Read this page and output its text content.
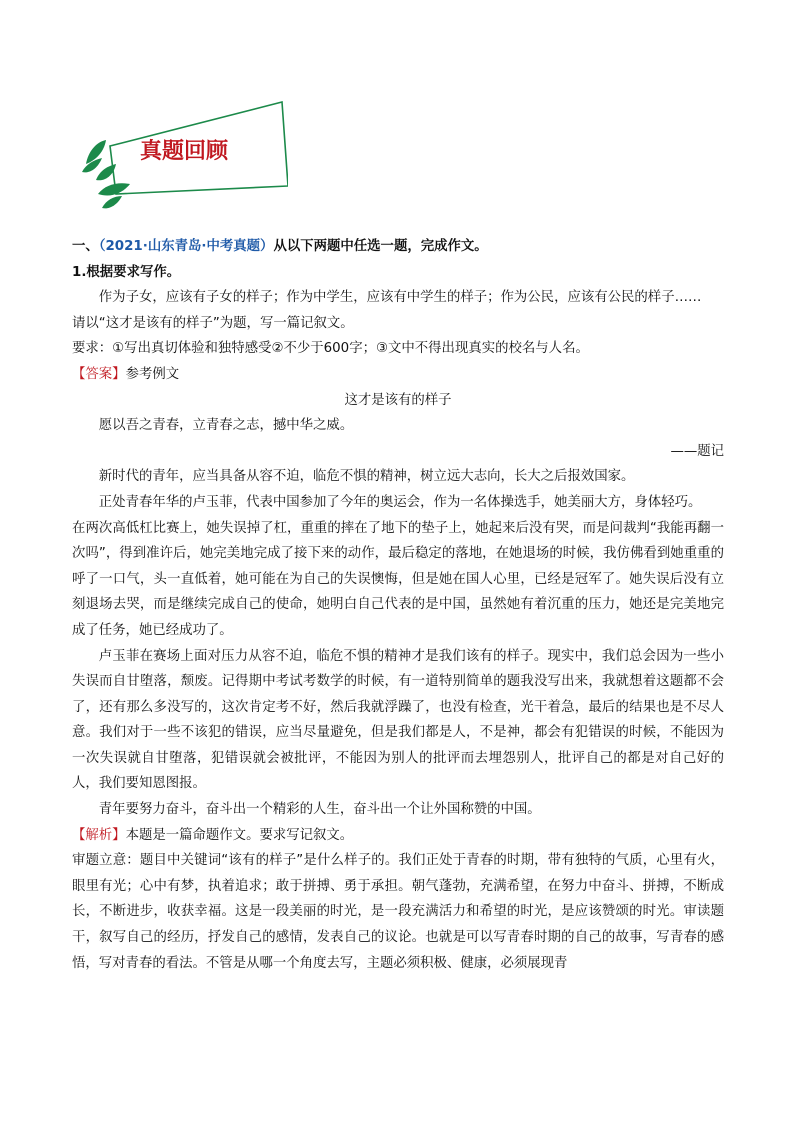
真题回顾

一、（2021·山东青岛·中考真题）从以下两题中任选一题，完成作文。

1.根据要求写作。

作为子女，应该有子女的样子；作为中学生，应该有中学生的样子；作为公民，应该有公民的样子……

请以“这才是该有的样子”为题，写一篇记叙文。

要求：①写出真切体验和独特感受②不少于600字；③文中不得出现真实的校名与人名。

【答案】参考例文

这才是该有的样子

愿以吾之青春，立青春之志，撼中华之威。

——题记

新时代的青年，应当具备从容不迫，临危不惧的精神，树立远大志向，长大之后报效国家。

正处青春年华的卢玉菲，代表中国参加了今年的奥运会，作为一名体操选手，她美丽大方，身体轻巧。

在两次高低杠比赛上，她失误掉了杠，重重的摔在了地下的垫子上，她起来后没有哭，而是问裁判“我能再翻一次吗”，得到准许后，她完美地完成了接下来的动作，最后稳定的落地，在她退场的时候，我仿佛看到她重重的呼了一口气，头一直低着，她可能在为自己的失误懊悔，但是她在国人心里，已经是冠军了。她失误后没有立刻退场去哭，而是继续完成自己的使命，她明白自己代表的是中国，虽然她有着沉重的压力，她还是完美地完成了任务，她已经成功了。

卢玉菲在赛场上面对压力从容不迫，临危不惧的精神才是我们该有的样子。现实中，我们总会因为一些小失误而自甘堕落，颓废。记得期中考试考数学的时候，有一道特别简单的题我没写出来，我就想着这题都不会了，还有那么多没写的，这次肯定考不好，然后我就浮躁了，也没有检查，光干着急，最后的结果也是不尽人意。我们对于一些不该犯的错误，应当尽量避免，但是我们都是人，不是神，都会有犯错误的时候，不能因为一次失误就自甘堕落，犯错误就会被批评，不能因为别人的批评而去埋怨别人，批评自己的都是对自己好的人，我们要知恩图报。

青年要努力奋斗，奋斗出一个精彩的人生，奋斗出一个让外国称赞的中国。

【解析】本题是一篇命题作文。要求写记叙文。

审题立意：题目中关键词“该有的样子”是什么样子的。我们正处于青春的时期，带有独特的气质，心里有火，眼里有光；心中有梦，执着追求；敢于拼搏、勇于承担。朝气蓬勃，充满希望，在努力中奋斗、拼搏，不断成长，不断进步，收获幸福。这是一段美丽的时光，是一段充满活力和希望的时光，是应该赞颂的时光。审读题干，叙写自己的经历，抒发自己的感情，发表自己的议论。也就是可以写青春时期的自己的故事，写青春的感悟，写对青春的看法。不管是从哪一个角度去写，主题必须积极、健康，必须展现青
